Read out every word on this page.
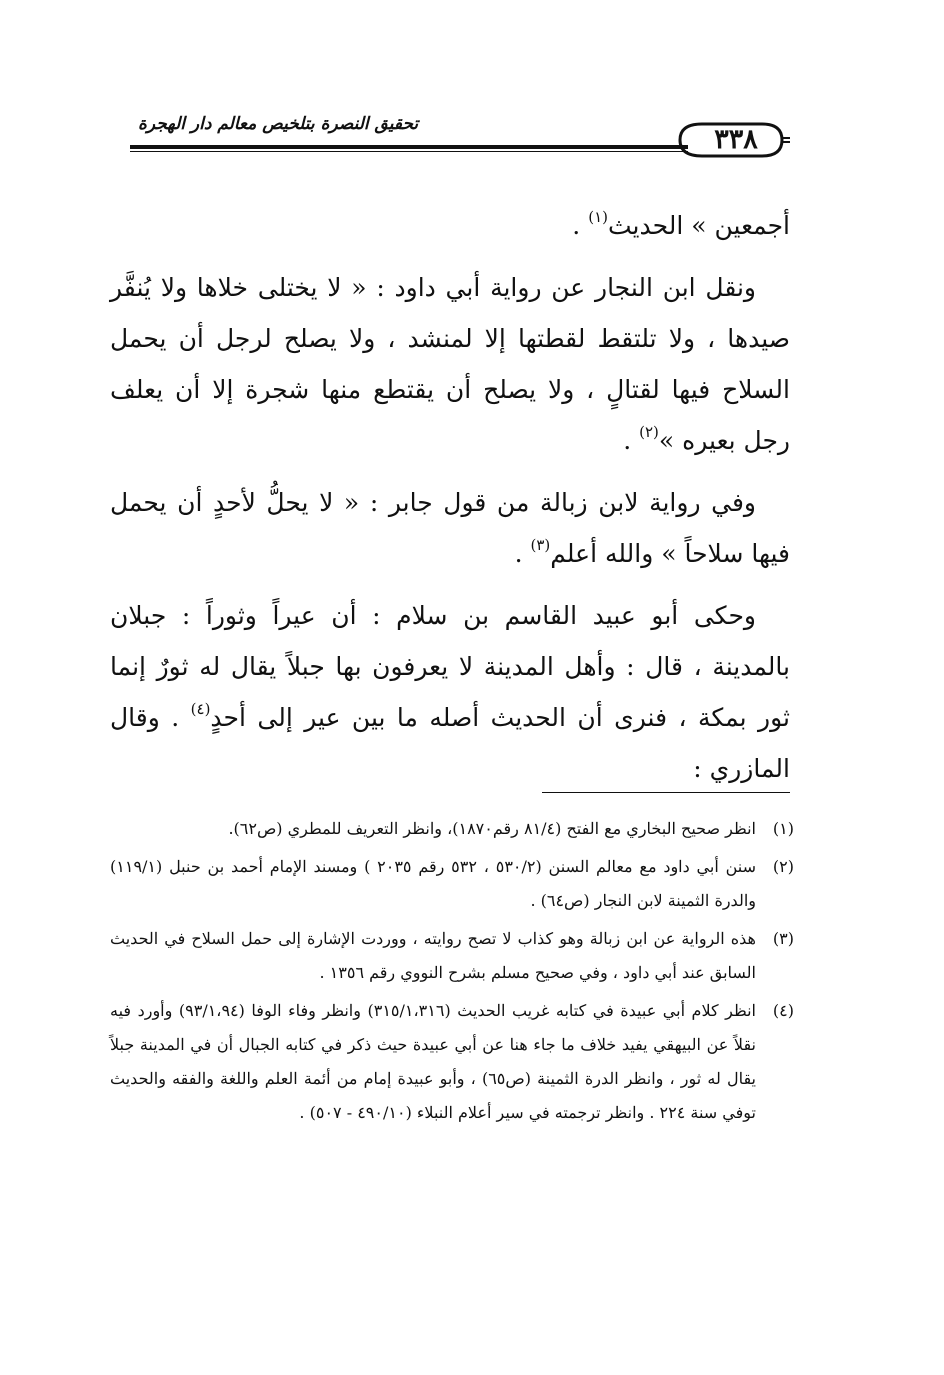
تحقيق النصرة بتلخيص معالم دار الهجرة	٣٣٨

أجمعين » الحديث$^{(١)}$ .

ونقل ابن النجار عن رواية أبي داود : « لا يختلى خلاها ولا يُنفَّر صيدها ، ولا تلتقط لقطتها إلا لمنشد ، ولا يصلح لرجل أن يحمل السلاح فيها لقتالٍ ، ولا يصلح أن يقتطع منها شجرة إلا أن يعلف رجل بعيره »$^{(٢)}$ .

وفي رواية لابن زبالة من قول جابر : « لا يحلُّ لأحدٍ أن يحمل فيها سلاحاً » والله أعلم$^{(٣)}$ .

وحكى أبو عبيد القاسم بن سلام : أن عيراً وثوراً : جبلان بالمدينة ، قال : وأهل المدينة لا يعرفون بها جبلاً يقال له ثورٌ إنما ثور بمكة ، فنرى أن الحديث أصله ما بين عير إلى أحدٍ$^{(٤)}$ . وقال المازري :

(١)
انظر صحيح البخاري مع الفتح (٨١/٤ رقم١٨٧٠)، وانظر التعريف للمطري (ص٦٢).
(٢)
سنن أبي داود مع معالم السنن (٥٣٠/٢ ، ٥٣٢ رقم ٢٠٣٥ ) ومسند الإمام أحمد بن حنبل (١١٩/١) والدرة الثمينة لابن النجار (ص٦٤) .
(٣)
هذه الرواية عن ابن زبالة وهو كذاب لا تصح روايته ، ووردت الإشارة إلى حمل السلاح في الحديث السابق عند أبي داود ، وفي صحيح مسلم بشرح النووي رقم ١٣٥٦ .
(٤)
انظر كلام أبي عبيدة في كتابه غريب الحديث (٣١٥/١،٣١٦) وانظر وفاء الوفا (٩٣/١،٩٤) وأورد فيه نقلاً عن البيهقي يفيد خلاف ما جاء هنا عن أبي عبيدة حيث ذكر في كتابه الجبال أن في المدينة جبلاً يقال له ثور ، وانظر الدرة الثمينة (ص٦٥) ، وأبو عبيدة إمام من أئمة العلم واللغة والفقه والحديث توفي سنة ٢٢٤ . وانظر ترجمته في سير أعلام النبلاء (٤٩٠/١٠ - ٥٠٧) .
